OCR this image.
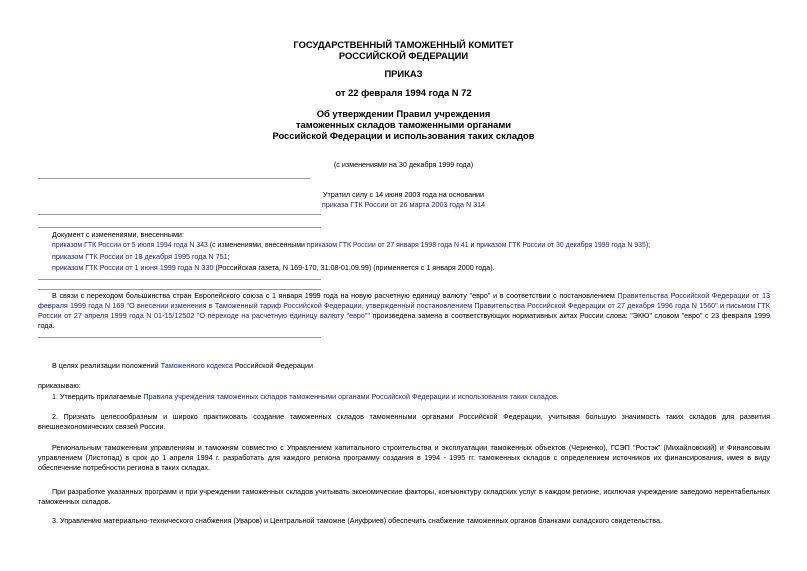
ГОСУДАРСТВЕННЫЙ ТАМОЖЕННЫЙ КОМИТЕТ
РОССИЙСКОЙ ФЕДЕРАЦИИ
ПРИКАЗ
от 22 февраля 1994 года N 72
Об утверждении Правил учреждения
таможенных складов таможенными органами
Российской Федерации и использования таких складов
(с изменениями на 30 декабря 1999 года)
Утратил силу с 14 июня 2003 года на основании
приказа ГТК России от 26 марта 2003 года N 314

Документ с изменениями, внесенными:

приказом ГТК России от 5 июля 1994 года N 343 (с изменениями, внесенными приказом ГТК России от 27 января 1998 года N 41 и приказом ГТК России от 30 декабря 1999 года N 935);

приказом ГТК России от 18 декабря 1995 года N 751;

приказом ГТК России от 1 июня 1999 года N 330 (Российская газета, N 169-170, 31.08-01.09.99) (применяется с 1 января 2000 года).

В связи с переходом большинства стран Европейского союза с 1 января 1999 года на новую расчетную единицу валюту "евро" и в соответствии с постановлением Правительства Российской Федерации от 13 февраля 1999 года N 169 "О внесении изменения в Таможенный тариф Российской Федерации, утвержденный постановлением Правительства Российской Федерации от 27 декабря 1996 года N 1560" и письмом ГТК России от 27 апреля 1999 года N 01-15/12502 "О переходе на расчетную единицу валюту "евро"" произведена замена в соответствующих нормативных актах России слова: "ЭКЮ" словом "евро" с 23 февраля 1999 года.

В целях реализации положений Таможенного кодекса Российской Федерации

приказываю:

1. Утвердить прилагаемые Правила учреждения таможенных складов таможенными органами Российской Федерации и использования таких складов.

2. Признать целесообразным и широко практиковать создание таможенных складов таможенными органами Российской Федерации, учитывая большую значимость таких складов для развития внешнеэкономических связей России.

Региональным таможенным управлениям и таможням совместно с Управлением капитального строительства и эксплуатации таможенных объектов (Черненко), ГСЭП "Ростэк" (Михайловский) и Финансовым управлением (Листопад) в срок до 1 апреля 1994 г. разработать для каждого региона программу создания в 1994 - 1995 гг. таможенных складов с определением источников их финансирования, имея в виду обеспечение потребности региона в таких складах.

При разработке указанных программ и при учреждении таможенных складов учитывать экономические факторы, конъюнктуру складских услуг в каждом регионе, исключая учреждение заведомо нерентабельных таможенных складов.

3. Управлению материально-технического снабжения (Уваров) и Центральной таможне (Ануфриев) обеспечить снабжение таможенных органов бланками складского свидетельства.
